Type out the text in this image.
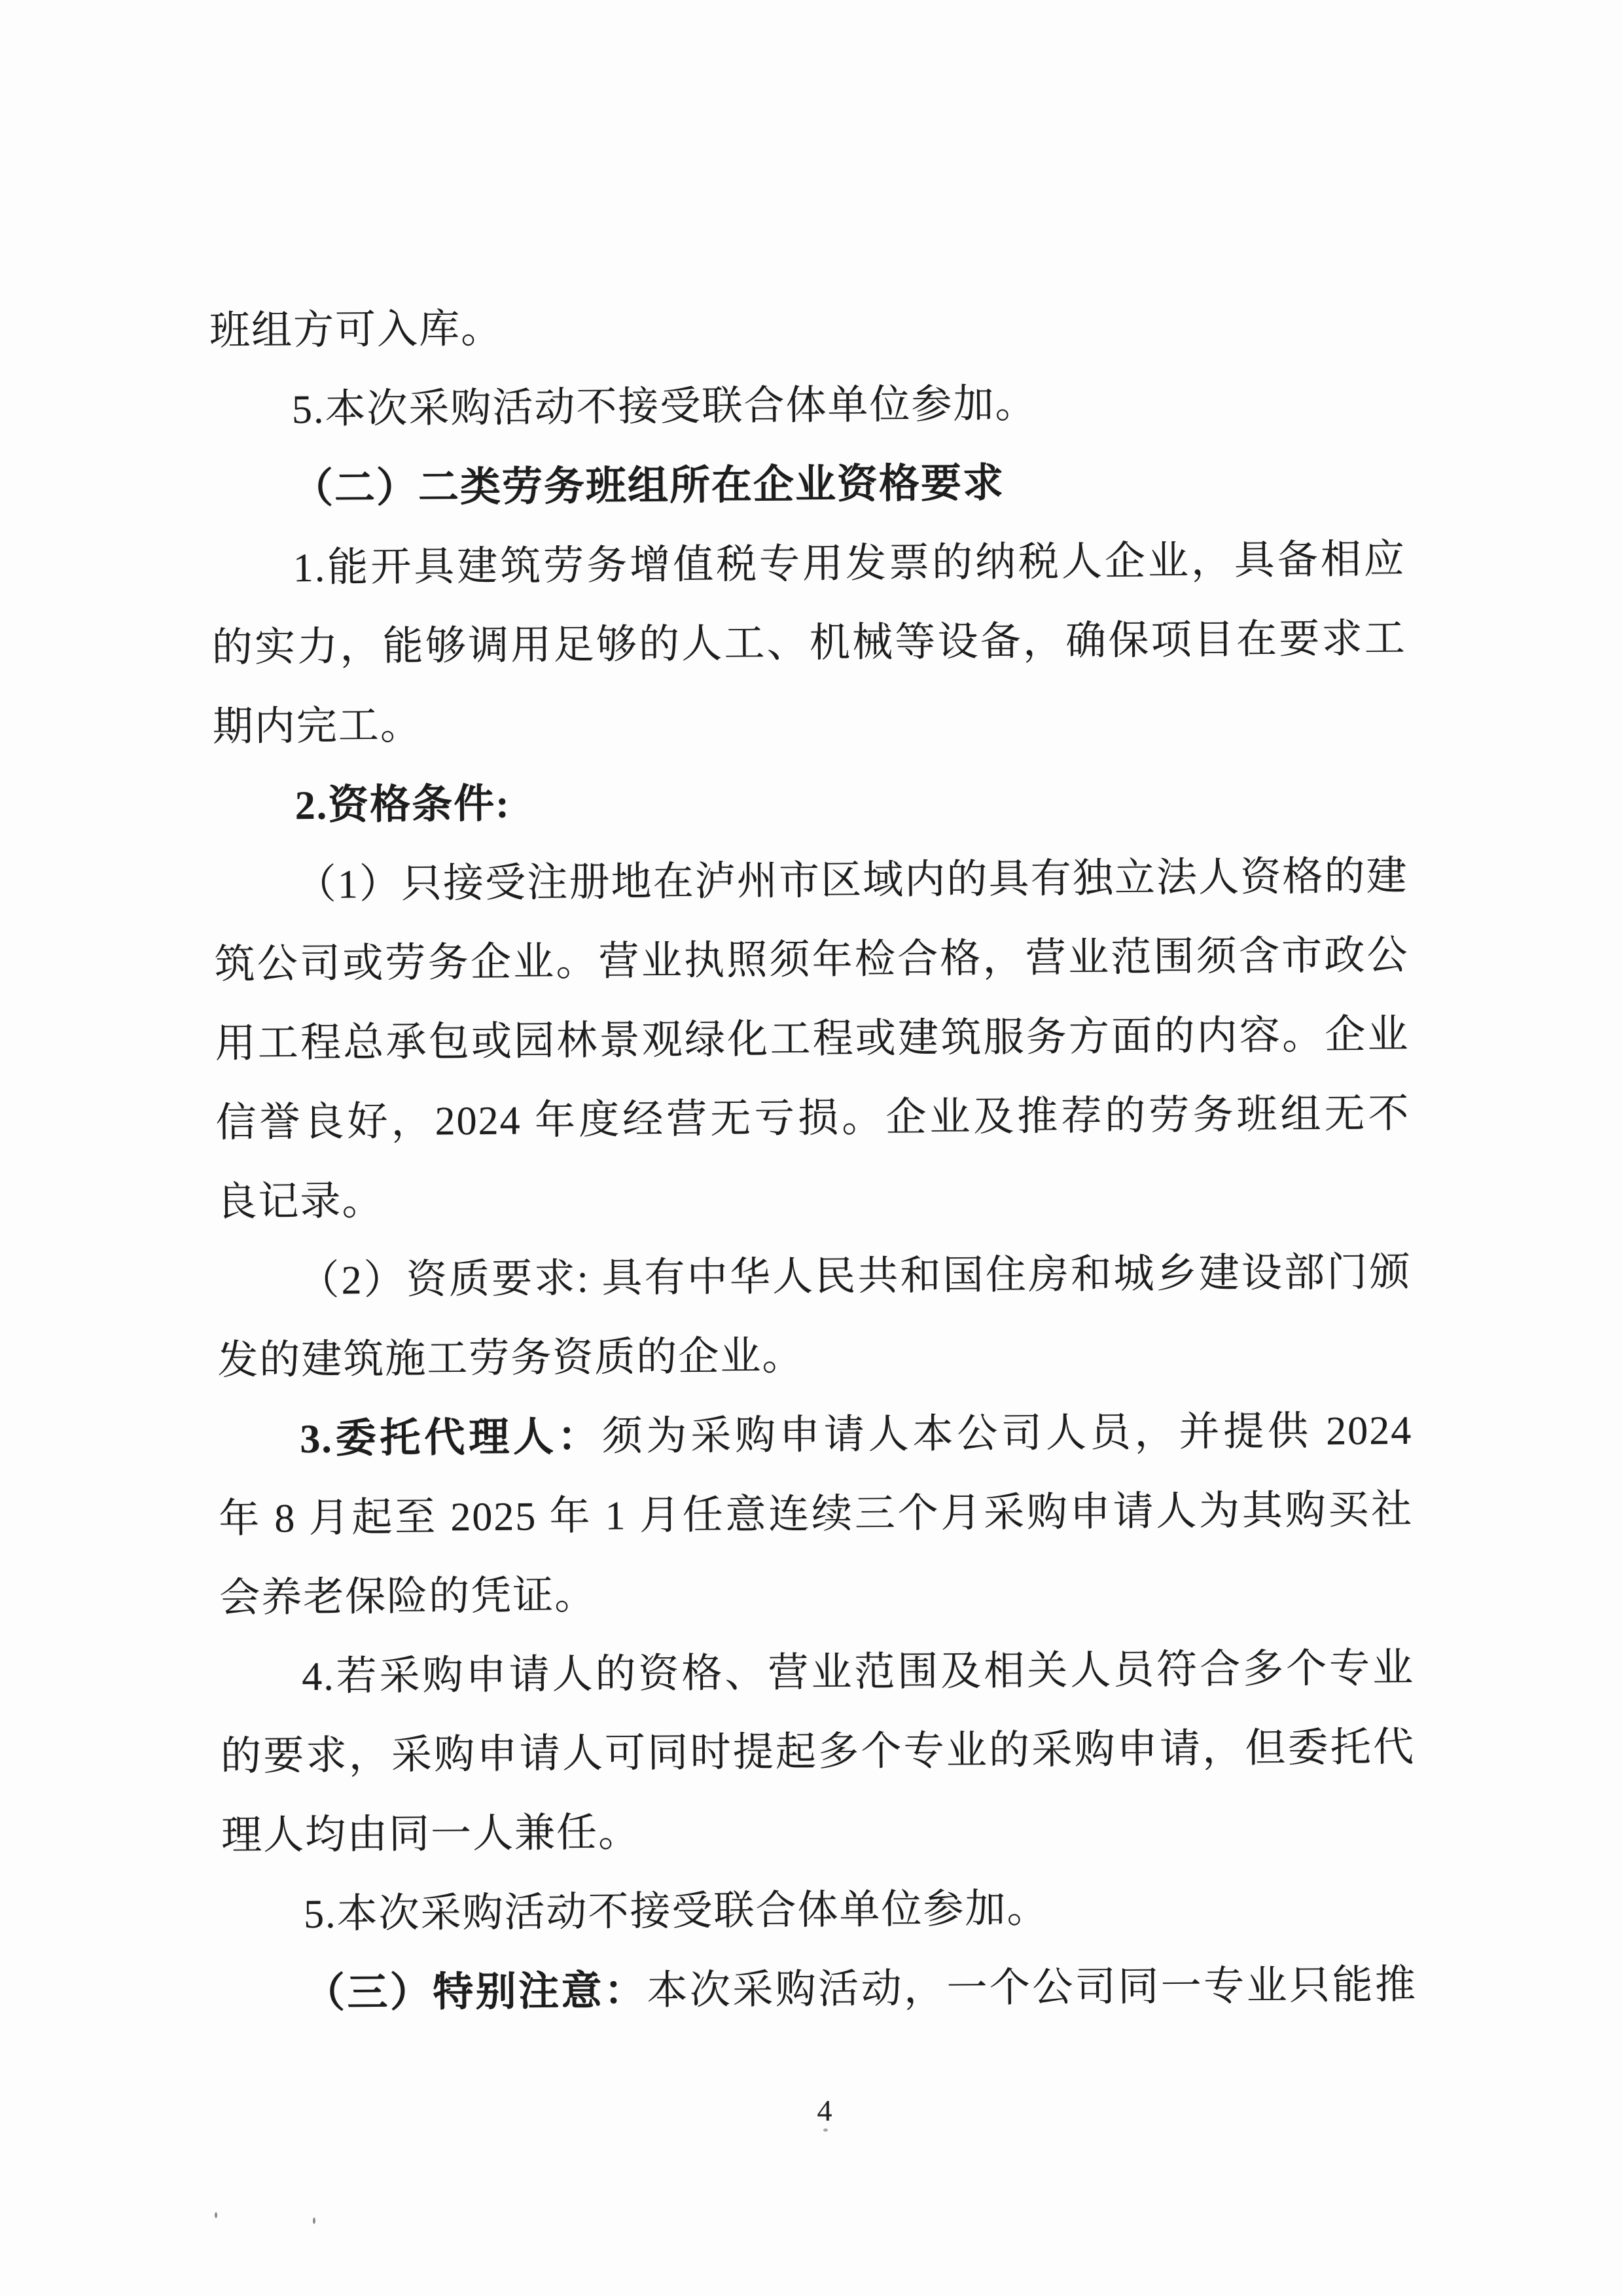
班组方可入库。
5.本次采购活动不接受联合体单位参加。
（二）二类劳务班组所在企业资格要求
1.能开具建筑劳务增值税专用发票的纳税人企业，具备相应
的实力，能够调用足够的人工、机械等设备，确保项目在要求工
期内完工。
2.资格条件:
（1）只接受注册地在泸州市区域内的具有独立法人资格的建
筑公司或劳务企业。营业执照须年检合格，营业范围须含市政公
用工程总承包或园林景观绿化工程或建筑服务方面的内容。企业
信誉良好，2024 年度经营无亏损。企业及推荐的劳务班组无不
良记录。
（2）资质要求: 具有中华人民共和国住房和城乡建设部门颁
发的建筑施工劳务资质的企业。
3.委托代理人：须为采购申请人本公司人员，并提供 2024
年 8 月起至 2025 年 1 月任意连续三个月采购申请人为其购买社
会养老保险的凭证。
4.若采购申请人的资格、营业范围及相关人员符合多个专业
的要求，采购申请人可同时提起多个专业的采购申请，但委托代
理人均由同一人兼任。
5.本次采购活动不接受联合体单位参加。
（三）特别注意：本次采购活动，一个公司同一专业只能推
4
